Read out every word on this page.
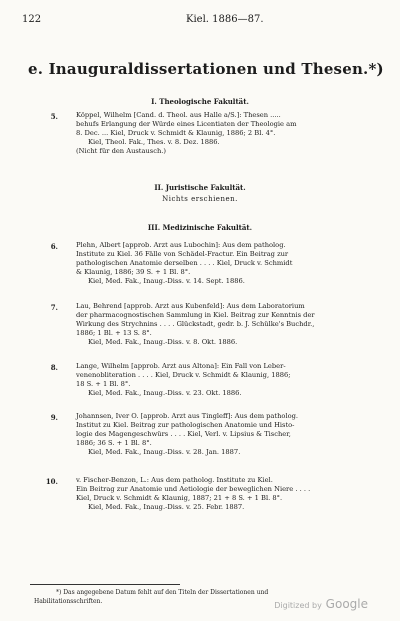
122	Kiel. 1886—87.
e. Inauguraldissertationen und Thesen.*)
I. Theologische Fakultät.
5.	Köppel, Wilhelm [Cand. d. Theol. aus Halle a/S.]: Thesen .....
behufs Erlangung der Würde eines Licentiaten der Theologie am
8. Dec. ... Kiel, Druck v. Schmidt & Klaunig, 1886; 2 Bl. 4°.
Kiel, Theol. Fak., Thes. v. 8. Dez. 1886.
(Nicht für den Austausch.)
II. Juristische Fakultät.
Nichts erschienen.
III. Medizinische Fakultät.
6.	Plehn, Albert [approb. Arzt aus Lubochin]: Aus dem patholog.
Institute zu Kiel. 36 Fälle von Schädel-Fractur. Ein Beitrag zur
pathologischen Anatomie derselben . . . . Kiel, Druck v. Schmidt
& Klaunig, 1886; 39 S. + 1 Bl. 8°.
Kiel, Med. Fak., Inaug.-Diss. v. 14. Sept. 1886.
7.	Lau, Behrend [approb. Arzt aus Kubenfeld]: Aus dem Laboratorium
der pharmacognostischen Sammlung in Kiel. Beitrag zur Kenntnis der
Wirkung des Strychnins . . . . Glückstadt, gedr. b. J. Schülke's Buchdr.,
1886; 1 Bl. + 13 S. 8°.
Kiel, Med. Fak., Inaug.-Diss. v. 8. Okt. 1886.
8.	Lange, Wilhelm [approb. Arzt aus Altona]: Ein Fall von Leber-
venenobliteration . . . . Kiel, Druck v. Schmidt & Klaunig, 1886;
18 S. + 1 Bl. 8°.
Kiel, Med. Fak., Inaug.-Diss. v. 23. Okt. 1886.
9.	Johannsen, Iver O. [approb. Arzt aus Tingleff]: Aus dem patholog.
Institut zu Kiel. Beitrag zur pathologischen Anatomie und Histo-
logie des Magengeschwürs . . . . Kiel, Verl. v. Lipsius & Tischer,
1886; 36 S. + 1 Bl. 8°.
Kiel, Med. Fak., Inaug.-Diss. v. 28. Jan. 1887.
10.	v. Fischer-Benzon, L.: Aus dem patholog. Institute zu Kiel.
Ein Beitrag zur Anatomie und Aetiologie der beweglichen Niere . . . .
Kiel, Druck v. Schmidt & Klaunig, 1887; 21 + 8 S. + 1 Bl. 8°.
Kiel, Med. Fak., Inaug.-Diss. v. 25. Febr. 1887.
*) Das angegebene Datum fehlt auf den Titeln der Dissertationen und
Habilitationsschriften.	Digitized by Google
